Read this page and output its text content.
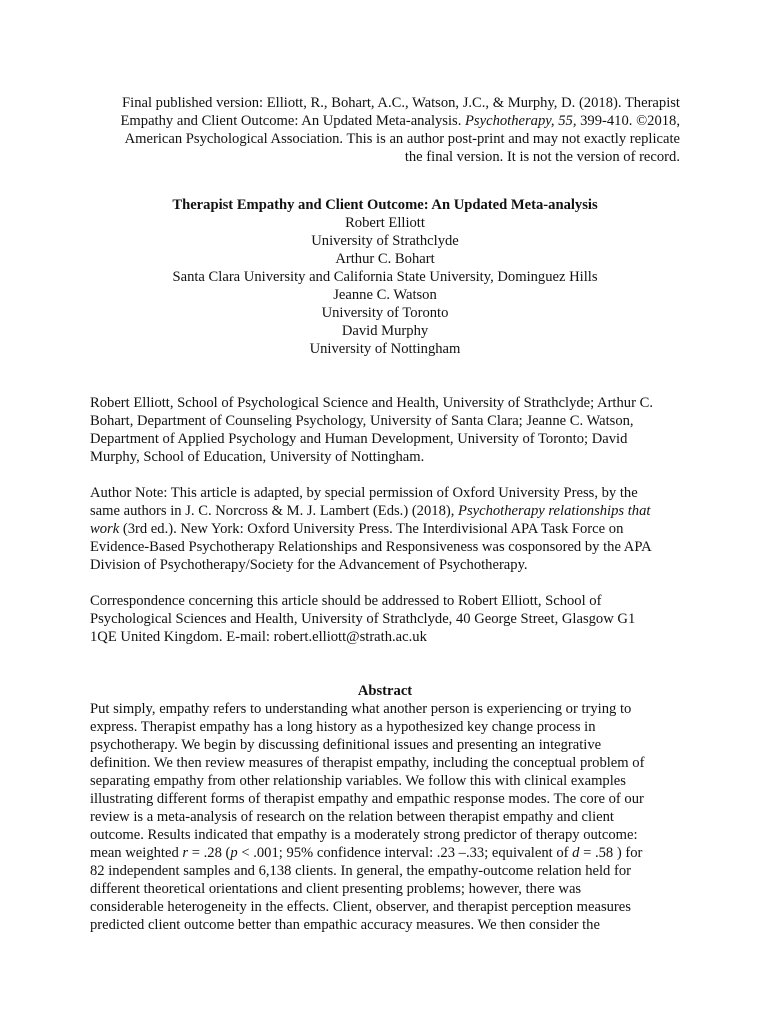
Final published version: Elliott, R., Bohart, A.C., Watson, J.C., & Murphy, D. (2018). Therapist
Empathy and Client Outcome: An Updated Meta-analysis. Psychotherapy, 55, 399-410. ©2018,
American Psychological Association. This is an author post-print and may not exactly replicate
the final version. It is not the version of record.
Therapist Empathy and Client Outcome: An Updated Meta-analysis
Robert Elliott
University of Strathclyde
Arthur C. Bohart
Santa Clara University and California State University, Dominguez Hills
Jeanne C. Watson
University of Toronto
David Murphy
University of Nottingham
Robert Elliott, School of Psychological Science and Health, University of Strathclyde; Arthur C.
Bohart, Department of Counseling Psychology, University of Santa Clara; Jeanne C. Watson,
Department of Applied Psychology and Human Development, University of Toronto; David
Murphy, School of Education, University of Nottingham.
Author Note: This article is adapted, by special permission of Oxford University Press, by the
same authors in J. C. Norcross & M. J. Lambert (Eds.) (2018), Psychotherapy relationships that
work (3rd ed.). New York: Oxford University Press. The Interdivisional APA Task Force on
Evidence-Based Psychotherapy Relationships and Responsiveness was cosponsored by the APA
Division of Psychotherapy/Society for the Advancement of Psychotherapy.
Correspondence concerning this article should be addressed to Robert Elliott, School of
Psychological Sciences and Health, University of Strathclyde, 40 George Street, Glasgow G1
1QE United Kingdom. E-mail: robert.elliott@strath.ac.uk
Abstract
Put simply, empathy refers to understanding what another person is experiencing or trying to
express. Therapist empathy has a long history as a hypothesized key change process in
psychotherapy. We begin by discussing definitional issues and presenting an integrative
definition. We then review measures of therapist empathy, including the conceptual problem of
separating empathy from other relationship variables. We follow this with clinical examples
illustrating different forms of therapist empathy and empathic response modes. The core of our
review is a meta-analysis of research on the relation between therapist empathy and client
outcome. Results indicated that empathy is a moderately strong predictor of therapy outcome:
mean weighted r = .28 (p < .001; 95% confidence interval: .23 –.33; equivalent of d = .58 ) for
82 independent samples and 6,138 clients. In general, the empathy-outcome relation held for
different theoretical orientations and client presenting problems; however, there was
considerable heterogeneity in the effects. Client, observer, and therapist perception measures
predicted client outcome better than empathic accuracy measures. We then consider the
